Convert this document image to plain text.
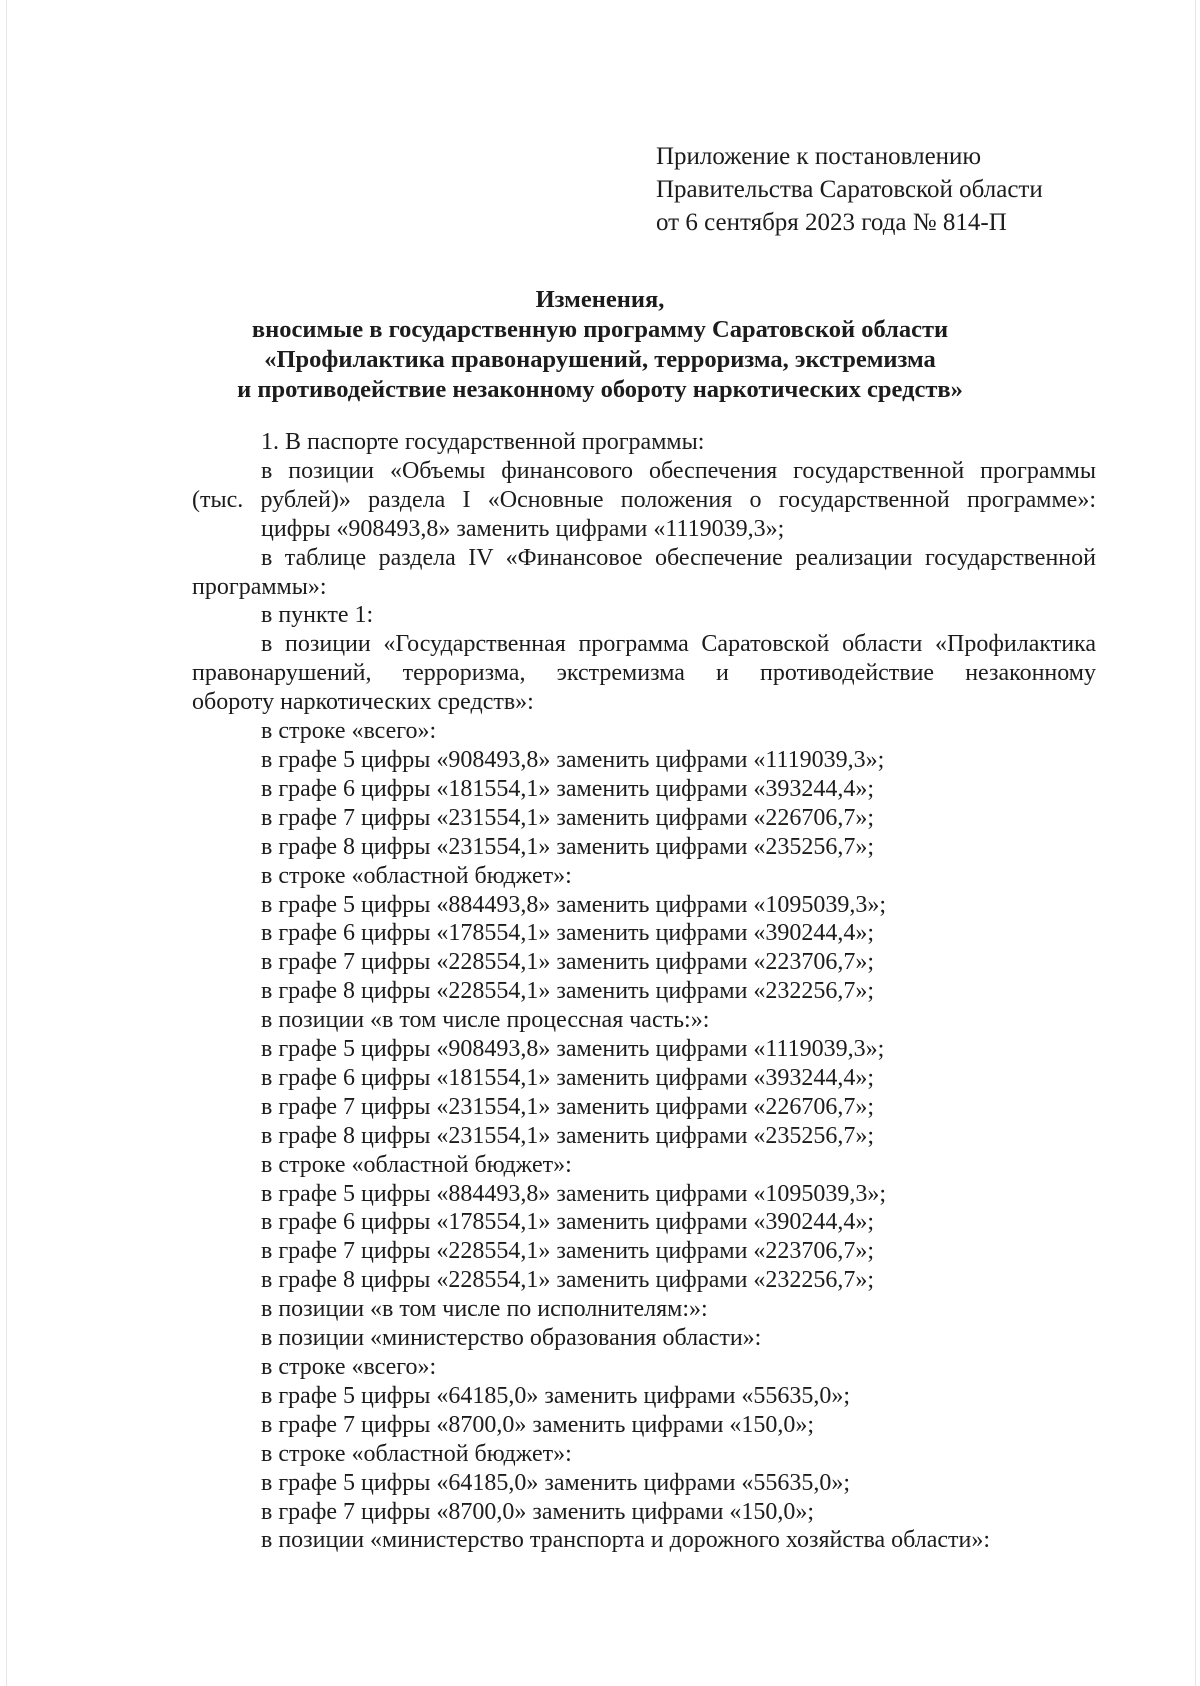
Приложение к постановлению
Правительства Саратовской области
от 6 сентября 2023 года № 814-П
Изменения,
вносимые в государственную программу Саратовской области
«Профилактика правонарушений, терроризма, экстремизма
и противодействие незаконному обороту наркотических средств»
1. В паспорте государственной программы:
в позиции «Объемы финансового обеспечения государственной программы
(тыс. рублей)» раздела I «Основные положения о государственной программе»:
цифры «908493,8» заменить цифрами «1119039,3»;
в таблице раздела IV «Финансовое обеспечение реализации государственной
программы»:
в пункте 1:
в позиции «Государственная программа Саратовской области «Профилактика
правонарушений, терроризма, экстремизма и противодействие незаконному
обороту наркотических средств»:
в строке «всего»:
в графе 5 цифры «908493,8» заменить цифрами «1119039,3»;
в графе 6 цифры «181554,1» заменить цифрами «393244,4»;
в графе 7 цифры «231554,1» заменить цифрами «226706,7»;
в графе 8 цифры «231554,1» заменить цифрами «235256,7»;
в строке «областной бюджет»:
в графе 5 цифры «884493,8» заменить цифрами «1095039,3»;
в графе 6 цифры «178554,1» заменить цифрами «390244,4»;
в графе 7 цифры «228554,1» заменить цифрами «223706,7»;
в графе 8 цифры «228554,1» заменить цифрами «232256,7»;
в позиции «в том числе процессная часть:»:
в графе 5 цифры «908493,8» заменить цифрами «1119039,3»;
в графе 6 цифры «181554,1» заменить цифрами «393244,4»;
в графе 7 цифры «231554,1» заменить цифрами «226706,7»;
в графе 8 цифры «231554,1» заменить цифрами «235256,7»;
в строке «областной бюджет»:
в графе 5 цифры «884493,8» заменить цифрами «1095039,3»;
в графе 6 цифры «178554,1» заменить цифрами «390244,4»;
в графе 7 цифры «228554,1» заменить цифрами «223706,7»;
в графе 8 цифры «228554,1» заменить цифрами «232256,7»;
в позиции «в том числе по исполнителям:»:
в позиции «министерство образования области»:
в строке «всего»:
в графе 5 цифры «64185,0» заменить цифрами «55635,0»;
в графе 7 цифры «8700,0» заменить цифрами «150,0»;
в строке «областной бюджет»:
в графе 5 цифры «64185,0» заменить цифрами «55635,0»;
в графе 7 цифры «8700,0» заменить цифрами «150,0»;
в позиции «министерство транспорта и дорожного хозяйства области»:
